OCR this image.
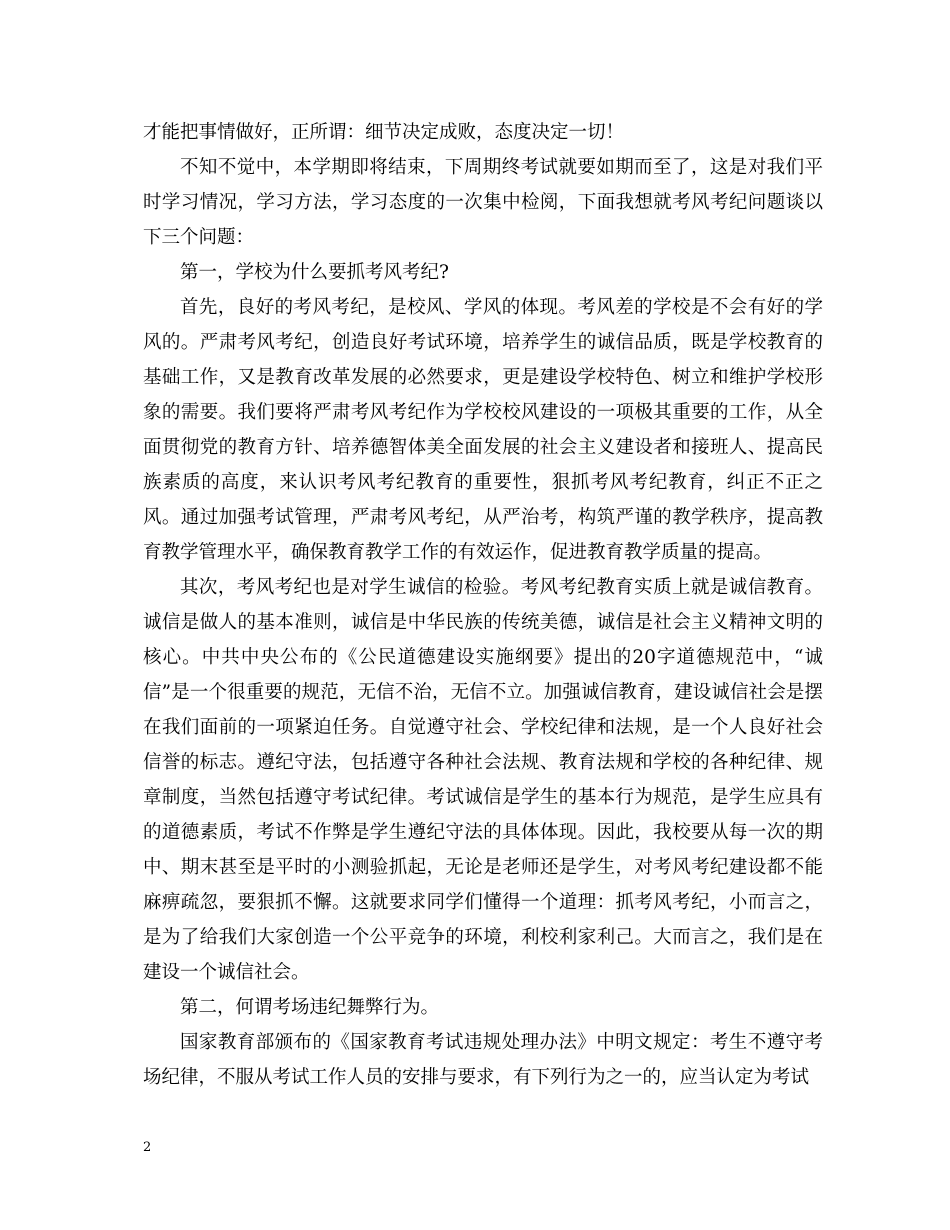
才能把事情做好，正所谓：细节决定成败，态度决定一切！

不知不觉中，本学期即将结束，下周期终考试就要如期而至了，这是对我们平时学习情况，学习方法，学习态度的一次集中检阅，下面我想就考风考纪问题谈以下三个问题：

第一，学校为什么要抓考风考纪?

首先，良好的考风考纪，是校风、学风的体现。考风差的学校是不会有好的学风的。严肃考风考纪，创造良好考试环境，培养学生的诚信品质，既是学校教育的基础工作，又是教育改革发展的必然要求，更是建设学校特色、树立和维护学校形象的需要。我们要将严肃考风考纪作为学校校风建设的一项极其重要的工作，从全面贯彻党的教育方针、培养德智体美全面发展的社会主义建设者和接班人、提高民族素质的高度，来认识考风考纪教育的重要性，狠抓考风考纪教育，纠正不正之风。通过加强考试管理，严肃考风考纪，从严治考，构筑严谨的教学秩序，提高教育教学管理水平，确保教育教学工作的有效运作，促进教育教学质量的提高。

其次，考风考纪也是对学生诚信的检验。考风考纪教育实质上就是诚信教育。诚信是做人的基本准则，诚信是中华民族的传统美德，诚信是社会主义精神文明的核心。中共中央公布的《公民道德建设实施纲要》提出的20字道德规范中，“诚信”是一个很重要的规范，无信不治，无信不立。加强诚信教育，建设诚信社会是摆在我们面前的一项紧迫任务。自觉遵守社会、学校纪律和法规，是一个人良好社会信誉的标志。遵纪守法，包括遵守各种社会法规、教育法规和学校的各种纪律、规章制度，当然包括遵守考试纪律。考试诚信是学生的基本行为规范，是学生应具有的道德素质，考试不作弊是学生遵纪守法的具体体现。因此，我校要从每一次的期中、期末甚至是平时的小测验抓起，无论是老师还是学生，对考风考纪建设都不能麻痹疏忽，要狠抓不懈。这就要求同学们懂得一个道理：抓考风考纪，小而言之，是为了给我们大家创造一个公平竞争的环境，利校利家利己。大而言之，我们是在建设一个诚信社会。

第二，何谓考场违纪舞弊行为。

国家教育部颁布的《国家教育考试违规处理办法》中明文规定：考生不遵守考场纪律，不服从考试工作人员的安排与要求，有下列行为之一的，应当认定为考试

2
